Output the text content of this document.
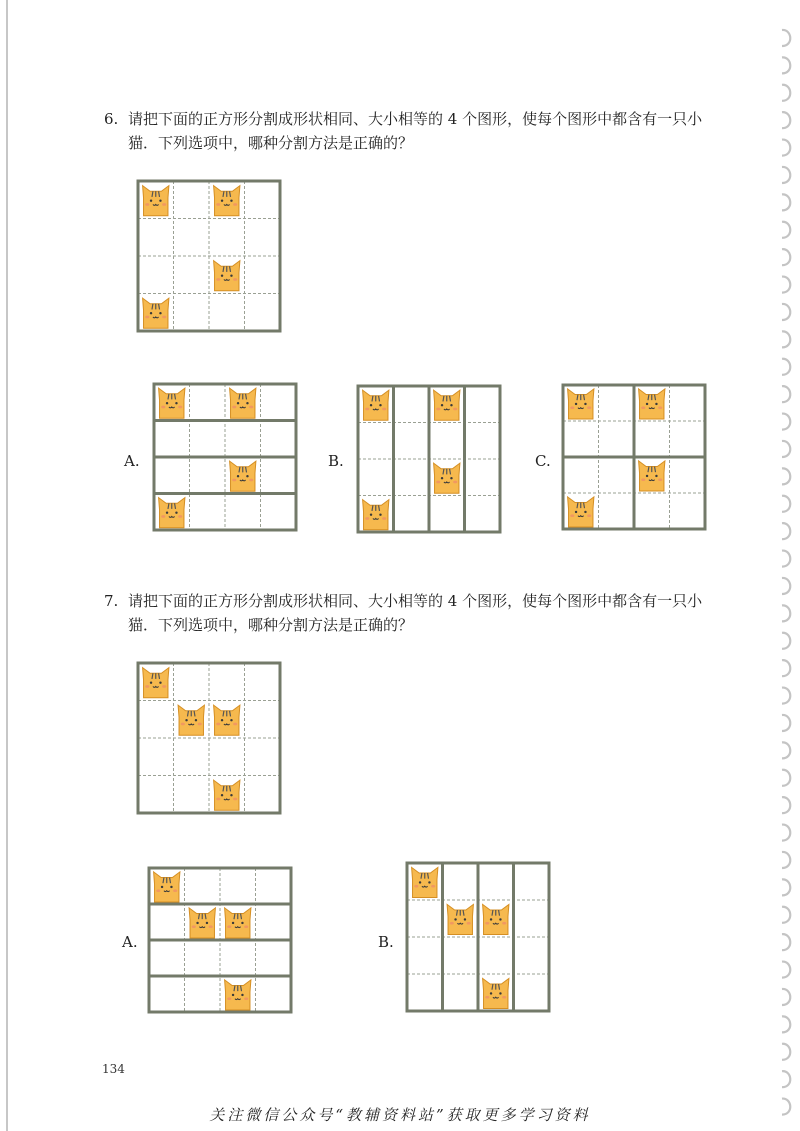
6. 请把下面的正方形分割成形状相同、大小相等的 4 个图形，使每个图形中都含有一只小
猫．下列选项中，哪种分割方法是正确的？
A.	B.	C.
7. 请把下面的正方形分割成形状相同、大小相等的 4 个图形，使每个图形中都含有一只小
猫．下列选项中，哪种分割方法是正确的？
A.	B.
134
关注微信公众号“教辅资料站”获取更多学习资料
